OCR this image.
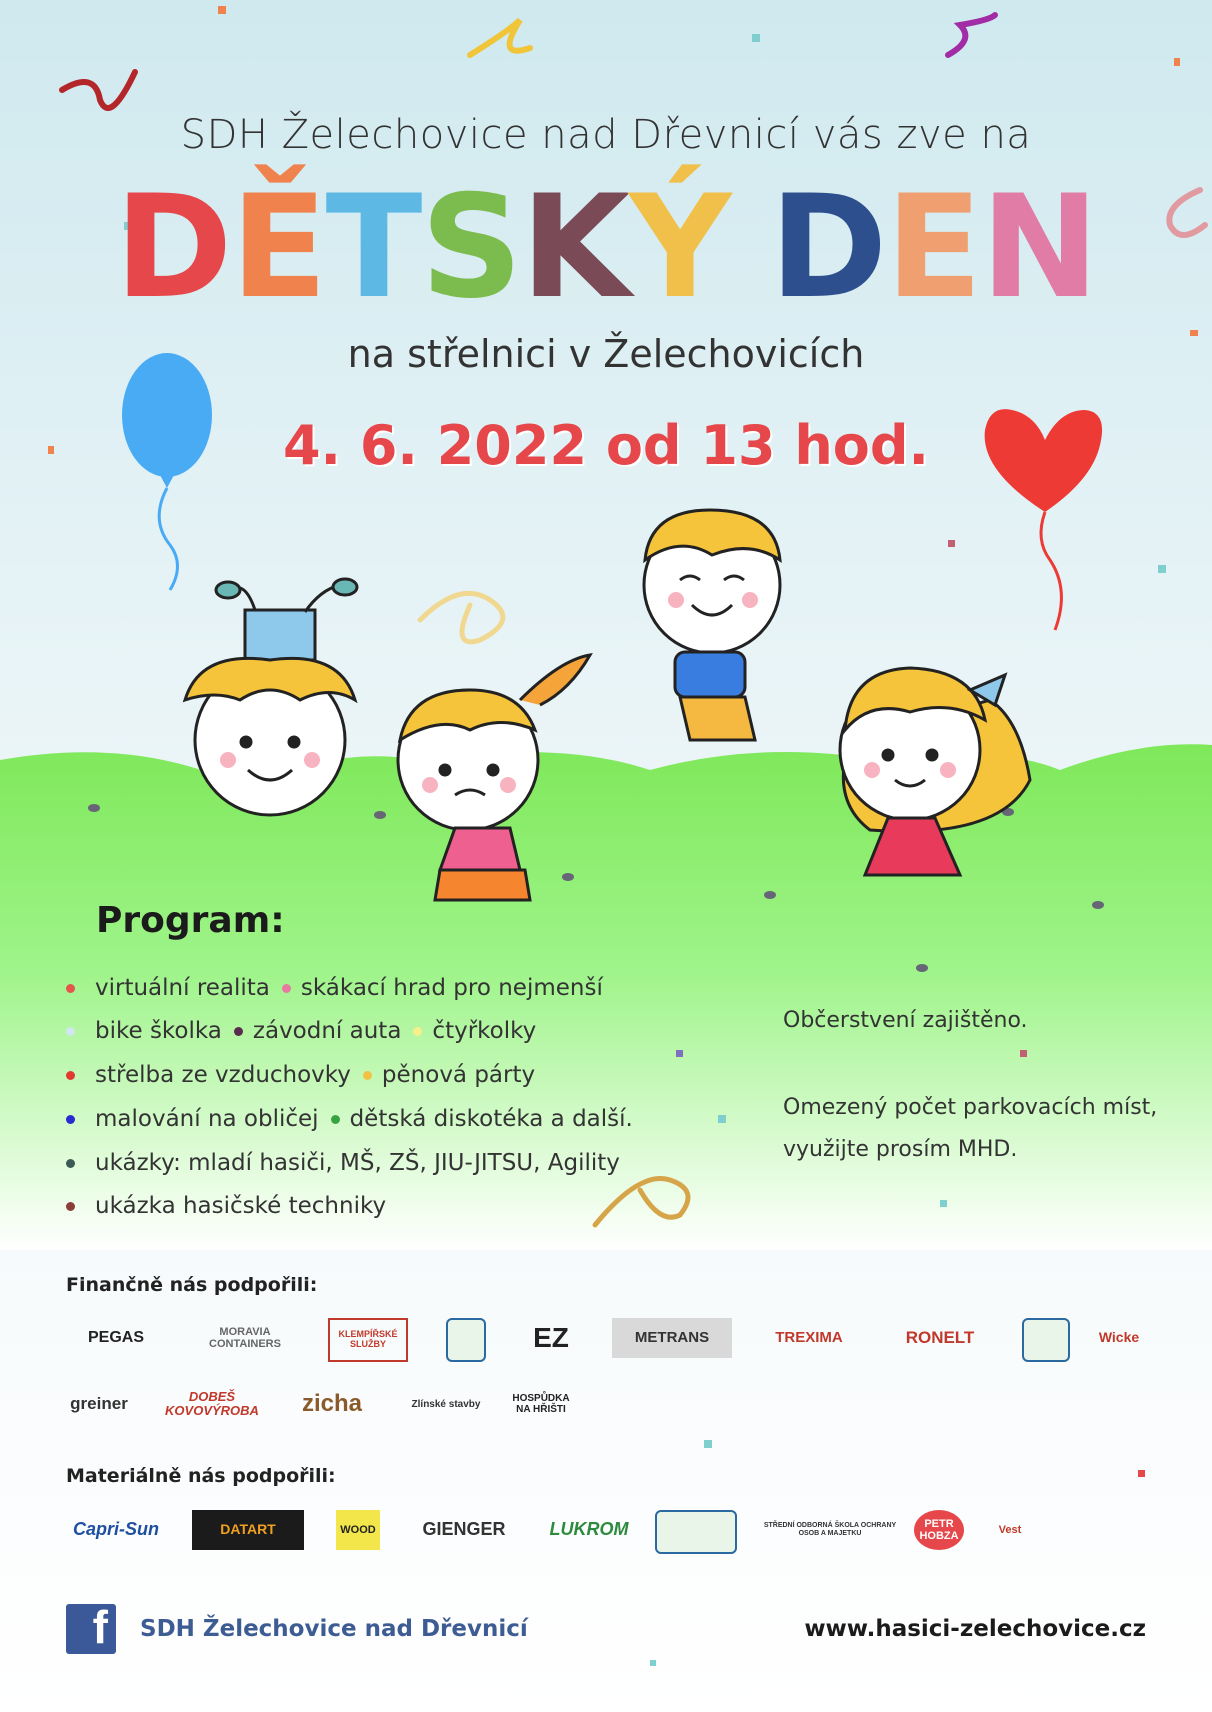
SDH Želechovice nad Dřevnicí vás zve na
DĚTSKÝ DEN
na střelnici v Želechovicích
4. 6. 2022 od 13 hod.
Program:
virtuální realita skákací hrad pro nejmenší
bike školka závodní auta čtyřkolky
střelba ze vzduchovky pěnová párty
malování na obličej dětská diskotéka a další.
ukázky: mladí hasiči, MŠ, ZŠ, JIU-JITSU, Agility
ukázka hasičské techniky
Občerstvení zajištěno.
Omezený počet parkovacích míst,
využijte prosím MHD.
Finančně nás podpořili:
PEGAS	MORAVIA CONTAINERS
KLEMPÍŘSKÉ SLUŽBY	EZ	METRANS	TREXIMA	RONELT	Wicke
greiner	DOBEŠ KOVOVÝROBA	zicha	Zlínské stavby	HOSPŮDKA NA HŘIŠTI
Materiálně nás podpořili:
Capri-Sun	DATART	WOOD	GIENGER	LUKROM	STŘEDNÍ ODBORNÁ ŠKOLA OCHRANY OSOB A MAJETKU
PETR HOBZA
Vest
f	SDH Želechovice nad Dřevnicí	www.hasici-zelechovice.cz
